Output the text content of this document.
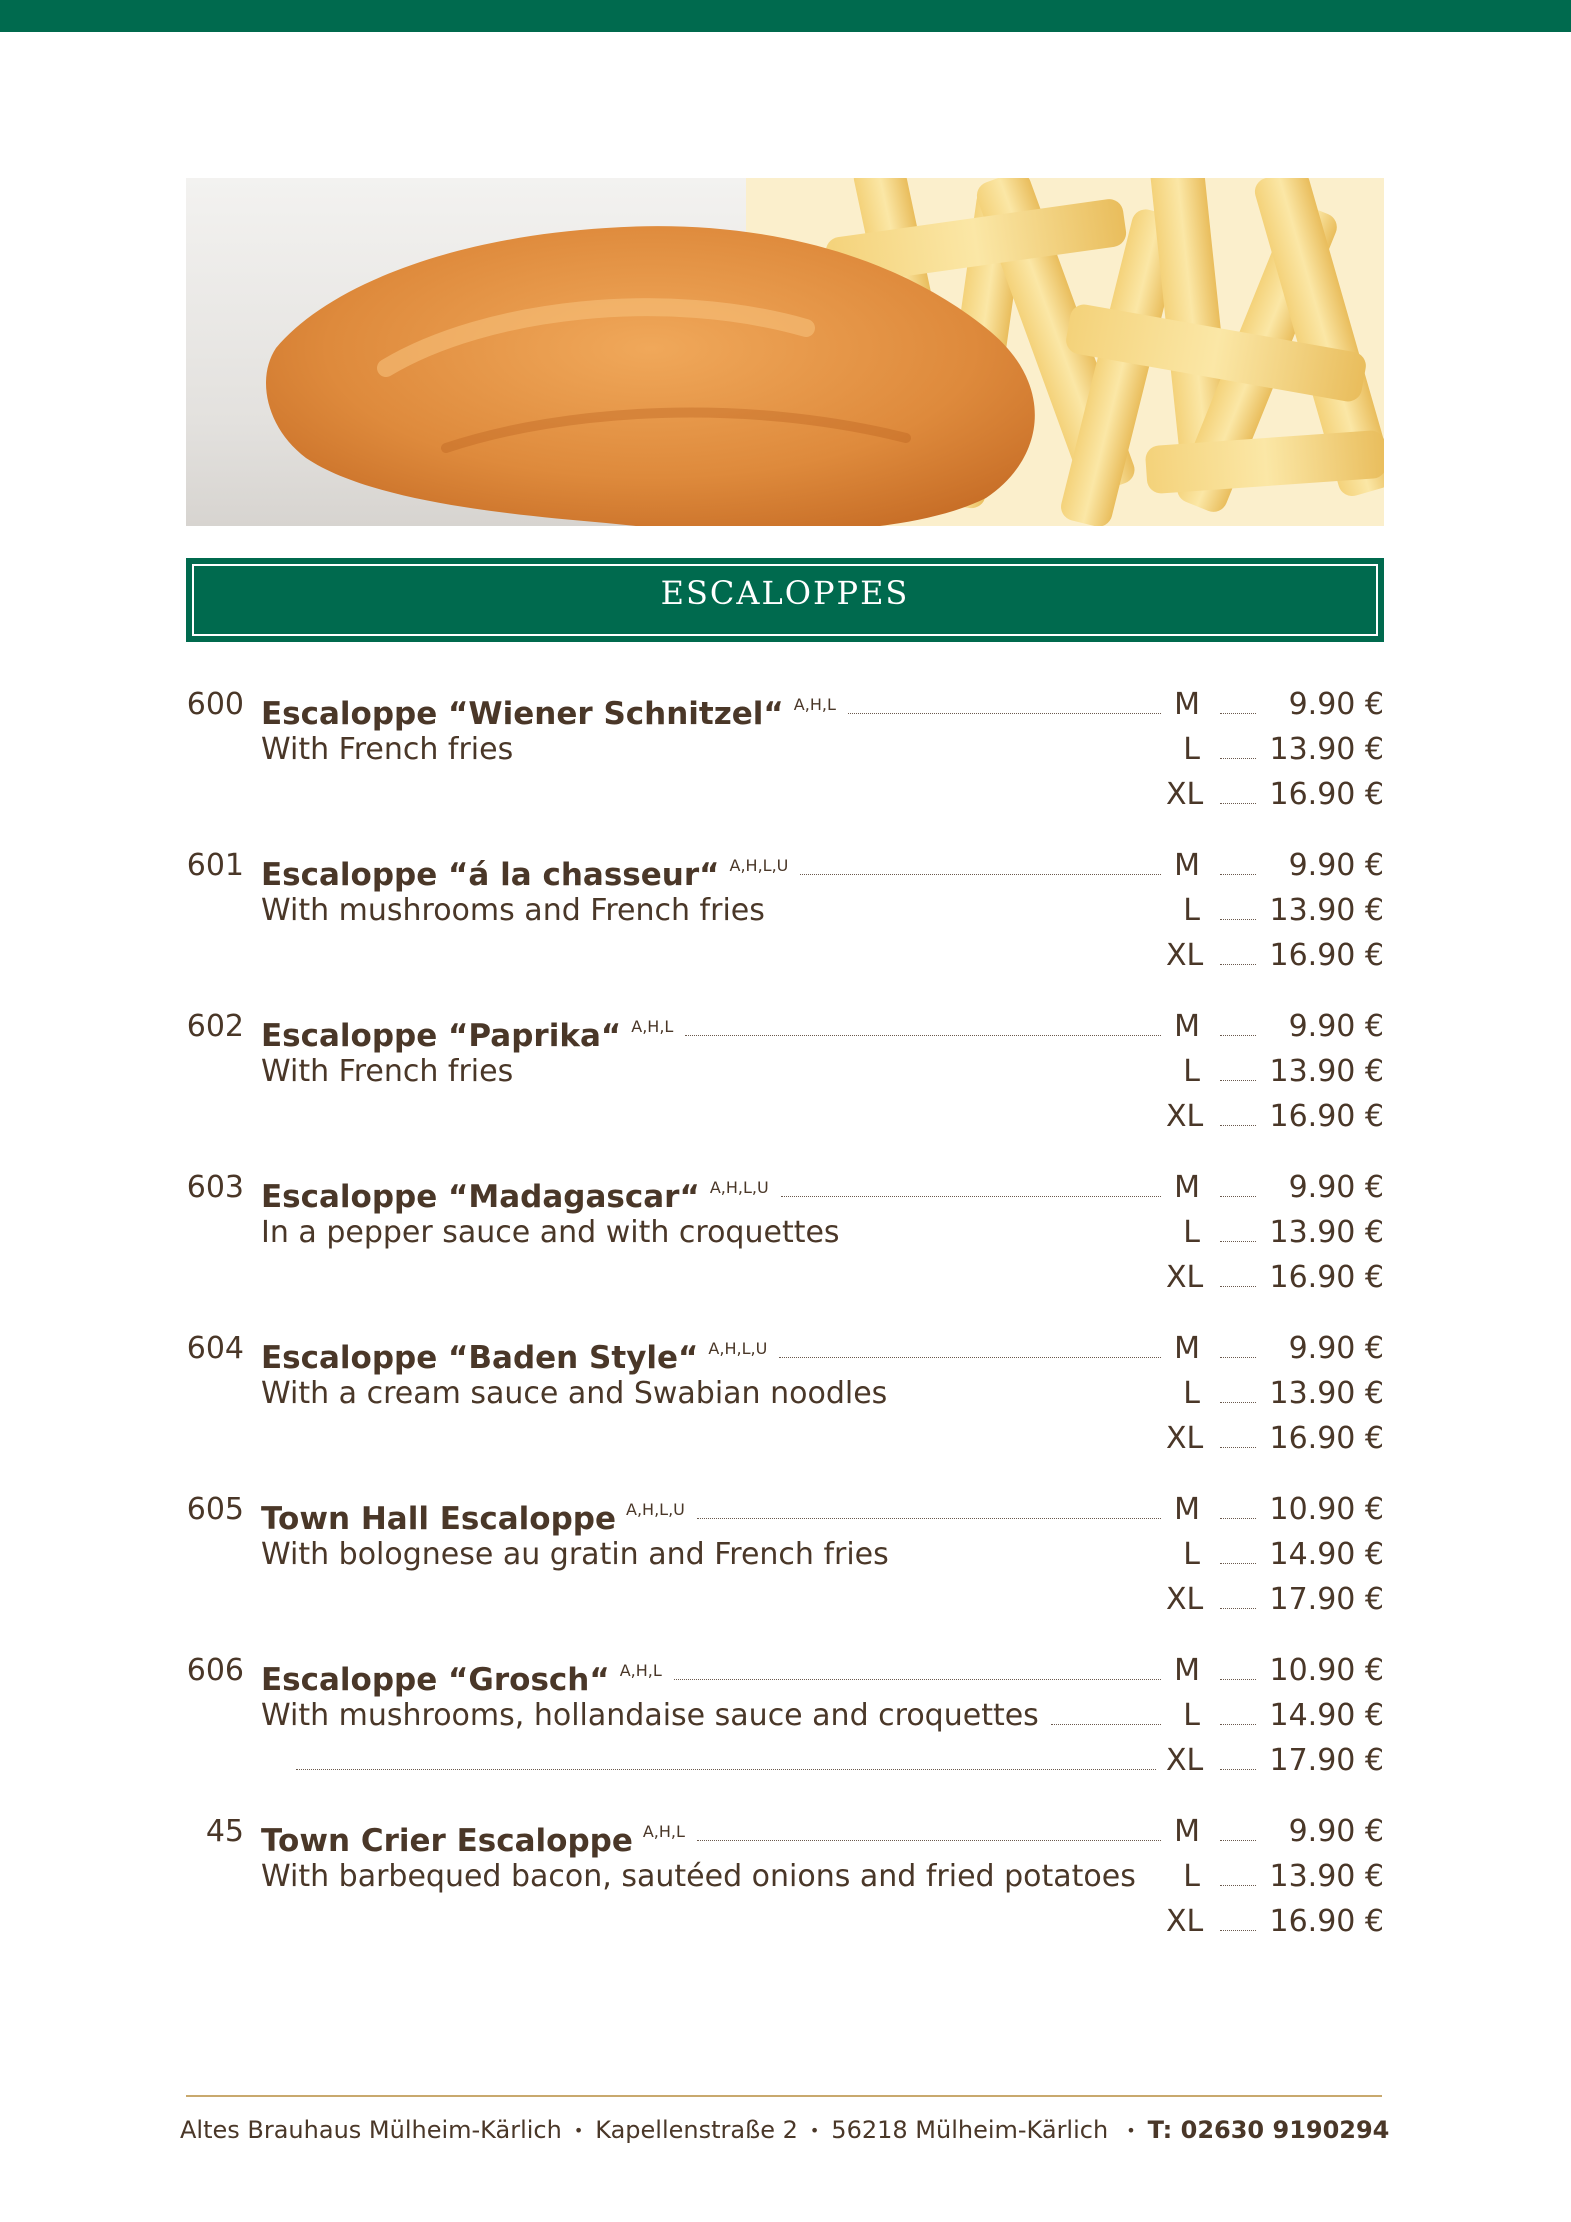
ESCALOPPES
600 Escaloppe “Wiener Schnitzel“ $^{A,H,L}$	M	9.90 €
With French fries	L 13.90 €
XL 16.90 €
601 Escaloppe “á la chasseur“ $^{A,H,L,U}$	M	9.90 €
With mushrooms and French fries	L 13.90 €
XL 16.90 €
602 Escaloppe “Paprika“ $^{A,H,L}$	M	9.90 €
With French fries	L 13.90 €
XL 16.90 €
603 Escaloppe “Madagascar“ $^{A,H,L,U}$	M	9.90 €
In a pepper sauce and with croquettes	L 13.90 €
XL 16.90 €
604 Escaloppe “Baden Style“ $^{A,H,L,U}$	M	9.90 €
With a cream sauce and Swabian noodles	L 13.90 €
XL 16.90 €
605 Town Hall Escaloppe $^{A,H,L,U}$	M 10.90 €
With bolognese au gratin and French fries	L 14.90 €
XL 17.90 €
606 Escaloppe “Grosch“ $^{A,H,L}$	M 10.90 €
With mushrooms, hollandaise sauce and croquettes	L 14.90 €
XL 17.90 €
45 Town Crier Escaloppe $^{A,H,L}$	M	9.90 €
With barbequed bacon, sautéed onions and fried potatoes	L 13.90 €
XL 16.90 €
Altes Brauhaus Mülheim-Kärlich • Kapellenstraße 2 • 56218 Mülheim-Kärlich • T: 02630 9190294
